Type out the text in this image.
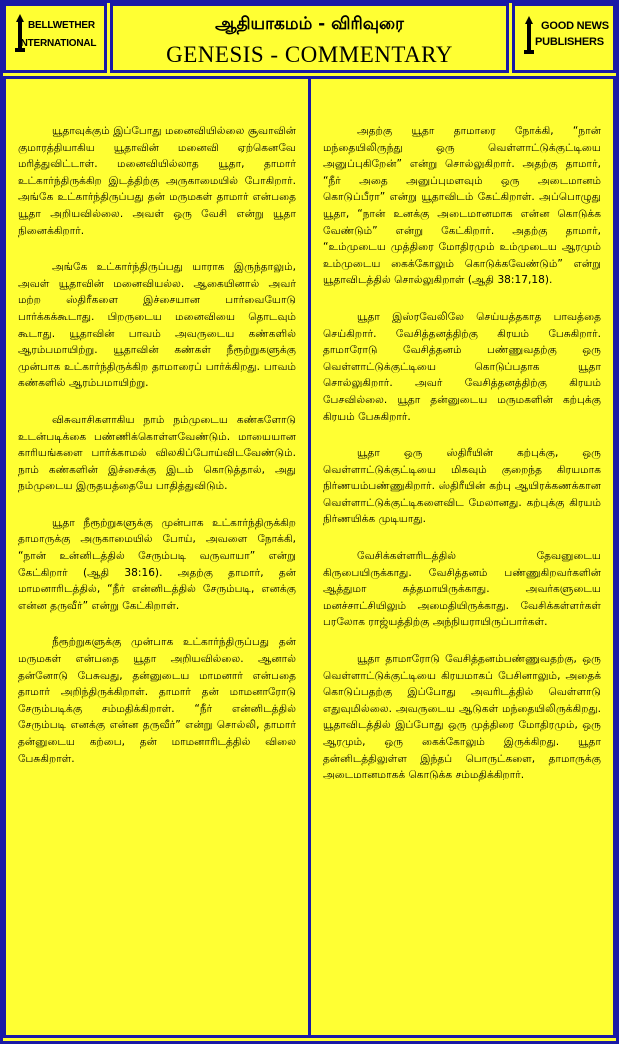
BELLWETHER
INTERNATIONAL
ஆதியாகமம் - விரிவுரை
GENESIS - COMMENTARY
GOOD NEWS
PUBLISHERS

யூதாவுக்கும் இப்போது மனைவியில்லை சூவாவின் குமாரத்தியாகிய யூதாவின் மனைவி ஏற்கெனவே மரித்துவிட்டாள். மனைவியில்லாத யூதா, தாமார் உட்கார்ந்திருக்கிற இடத்திற்கு அருகாமையில் போகிறார். அங்கே உட்கார்ந்திருப்பது தன் மருமகள் தாமார் என்பதை யூதா அறியவில்லை. அவள் ஒரு வேசி என்று யூதா நினைக்கிறார்.

அங்கே உட்கார்ந்திருப்பது யாராக இருந்தாலும், அவள் யூதாவின் மனைவியல்ல. ஆகையினால் அவர் மற்ற ஸ்திரீகளை இச்சையான பார்வையோடு பார்க்கக்கூடாது. பிறருடைய மனைவியை தொடவும் கூடாது. யூதாவின் பாவம் அவருடைய கண்களில் ஆரம்பமாயிற்று. யூதாவின் கண்கள் நீரூற்றுகளுக்கு முன்பாக உட்கார்ந்திருக்கிற தாமாரைப் பார்க்கிறது. பாவம் கண்களில் ஆரம்பமாயிற்று.

விசுவாசிகளாகிய நாம் நம்முடைய கண்களோடு உடன்படிக்கை பண்ணிக்கொள்ளவேண்டும். மாயையான காரியங்களை பார்க்காமல் விலகிப்போய்விடவேண்டும். நாம் கண்களின் இச்சைக்கு இடம் கொடுத்தால், அது நம்முடைய இருதயத்தையே பாதித்துவிடும்.

யூதா நீரூற்றுகளுக்கு முன்பாக உட்கார்ந்திருக்கிற தாமாருக்கு அருகாமையில் போய், அவளை நோக்கி, “நான் உன்னிடத்தில் சேரும்படி வருவாயா” என்று கேட்கிறார் (ஆதி 38:16). அதற்கு தாமார், தன் மாமனாரிடத்தில், “நீர் என்னிடத்தில் சேரும்படி, எனக்கு என்ன தருவீர்” என்று கேட்கிறாள்.

நீரூற்றுகளுக்கு முன்பாக உட்கார்ந்திருப்பது தன் மருமகள் என்பதை யூதா அறியவில்லை. ஆனால் தன்னோடு பேசுவது, தன்னுடைய மாமனார் என்பதை தாமார் அறிந்திருக்கிறாள். தாமார் தன் மாமனாரோடு சேரும்படிக்கு சம்மதிக்கிறாள். “நீர் என்னிடத்தில் சேரும்படி எனக்கு என்ன தருவீர்” என்று சொல்லி, தாமார் தன்னுடைய கற்பை, தன் மாமனாரிடத்தில் விலை பேசுகிறாள்.

அதற்கு யூதா தாமாரை நோக்கி, “நான் மந்தையிலிருந்து ஒரு வெள்ளாட்டுக்குட்டியை அனுப்புகிறேன்” என்று சொல்லுகிறார். அதற்கு தாமார், “நீர் அதை அனுப்புமளவும் ஒரு அடைமானம் கொடுப்பீரா” என்று யூதாவிடம் கேட்கிறாள். அப்பொழுது யூதா, “நான் உனக்கு அடைமானமாக என்ன கொடுக்க வேண்டும்” என்று கேட்கிறார். அதற்கு தாமார், “உம்முடைய முத்திரை மோதிரமும் உம்முடைய ஆரமும் உம்முடைய கைக்கோலும் கொடுக்கவேண்டும்” என்று யூதாவிடத்தில் சொல்லுகிறாள் (ஆதி 38:17,18).

யூதா இஸ்ரவேலிலே செய்யத்தகாத பாவத்தை செய்கிறார். வேசித்தனத்திற்கு கிரயம் பேசுகிறார். தாமாரோடு வேசித்தனம் பண்ணுவதற்கு ஒரு வெள்ளாட்டுக்குட்டியை கொடுப்பதாக யூதா சொல்லுகிறார். அவர் வேசித்தனத்திற்கு கிரயம் பேசவில்லை. யூதா தன்னுடைய மருமகளின் கற்புக்கு கிரயம் பேசுகிறார்.

யூதா ஒரு ஸ்திரீயின் கற்புக்கு, ஒரு வெள்ளாட்டுக்குட்டியை மிகவும் குறைந்த கிரயமாக நிர்ணயம்பண்ணுகிறார். ஸ்திரீயின் கற்பு ஆயிரக்கணக்கான வெள்ளாட்டுக்குட்டிகளைவிட மேலானது. கற்புக்கு கிரயம் நிர்ணயிக்க முடியாது.

வேசிக்கள்ளரிடத்தில் தேவனுடைய கிருபையிருக்காது. வேசித்தனம் பண்ணுகிறவர்களின் ஆத்துமா சுத்தமாயிருக்காது. அவர்களுடைய மனச்சாட்சியிலும் அமைதியிருக்காது. வேசிக்கள்ளர்கள் பரலோக ராஜ்யத்திற்கு அந்நியராயிருப்பார்கள்.

யூதா தாமாரோடு வேசித்தனம்பண்ணுவதற்கு, ஒரு வெள்ளாட்டுக்குட்டியை கிரயமாகப் பேசினாலும், அதைக் கொடுப்பதற்கு இப்போது அவரிடத்தில் வெள்ளாடு எதுவுமில்லை. அவருடைய ஆடுகள் மந்தையிலிருக்கிறது. யூதாவிடத்தில் இப்போது ஒரு முத்திரை மோதிரமும், ஒரு ஆரமும், ஒரு கைக்கோலும் இருக்கிறது. யூதா தன்னிடத்திலுள்ள இந்தப் பொருட்களை, தாமாருக்கு அடைமானமாகக் கொடுக்க சம்மதிக்கிறார்.
